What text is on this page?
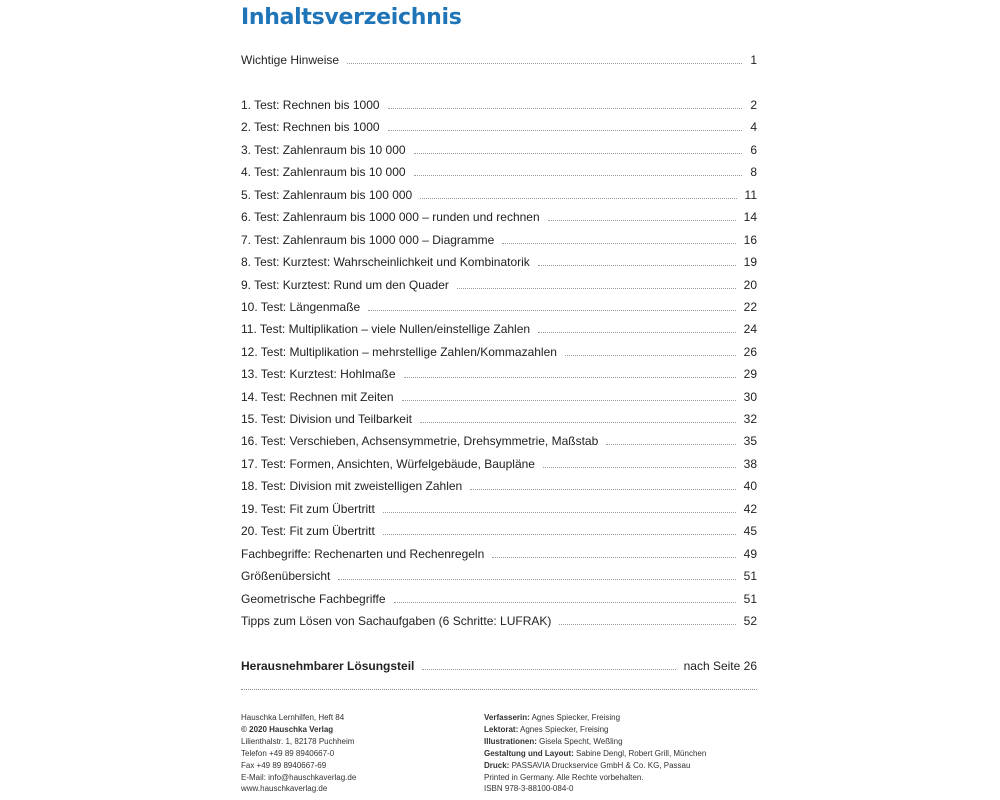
Inhaltsverzeichnis
Wichtige Hinweise	1
1. Test: Rechnen bis 1000	2
2. Test: Rechnen bis 1000	4
3. Test: Zahlenraum bis 10 000	6
4. Test: Zahlenraum bis 10 000	8
5. Test: Zahlenraum bis 100 000	11
6. Test: Zahlenraum bis 1000 000 – runden und rechnen	14
7. Test: Zahlenraum bis 1000 000 – Diagramme	16
8. Test: Kurztest: Wahrscheinlichkeit und Kombinatorik	19
9. Test: Kurztest: Rund um den Quader	20
10. Test: Längenmaße	22
11. Test: Multiplikation – viele Nullen/einstellige Zahlen	24
12. Test: Multiplikation – mehrstellige Zahlen/Kommazahlen	26
13. Test: Kurztest: Hohlmaße	29
14. Test: Rechnen mit Zeiten	30
15. Test: Division und Teilbarkeit	32
16. Test: Verschieben, Achsensymmetrie, Drehsymmetrie, Maßstab	35
17. Test: Formen, Ansichten, Würfelgebäude, Baupläne	38
18. Test: Division mit zweistelligen Zahlen	40
19. Test: Fit zum Übertritt	42
20. Test: Fit zum Übertritt	45
Fachbegriffe: Rechenarten und Rechenregeln	49
Größenübersicht	51
Geometrische Fachbegriffe	51
Tipps zum Lösen von Sachaufgaben (6 Schritte: LUFRAK)	52
Herausnehmbarer Lösungsteil	nach Seite 26
Hauschka Lernhilfen, Heft 84
© 2020 Hauschka Verlag
Lilienthalstr. 1, 82178 Puchheim
Telefon +49 89 8940667-0
Fax +49 89 8940667-69
E-Mail: info@hauschkaverlag.de
www.hauschkaverlag.de
Verfasserin: Agnes Spiecker, Freising
Lektorat: Agnes Spiecker, Freising
Illustrationen: Gisela Specht, Weßling
Gestaltung und Layout: Sabine Dengl, Robert Grill, München
Druck: PASSAVIA Druckservice GmbH & Co. KG, Passau
Printed in Germany. Alle Rechte vorbehalten.
ISBN 978-3-88100-084-0
